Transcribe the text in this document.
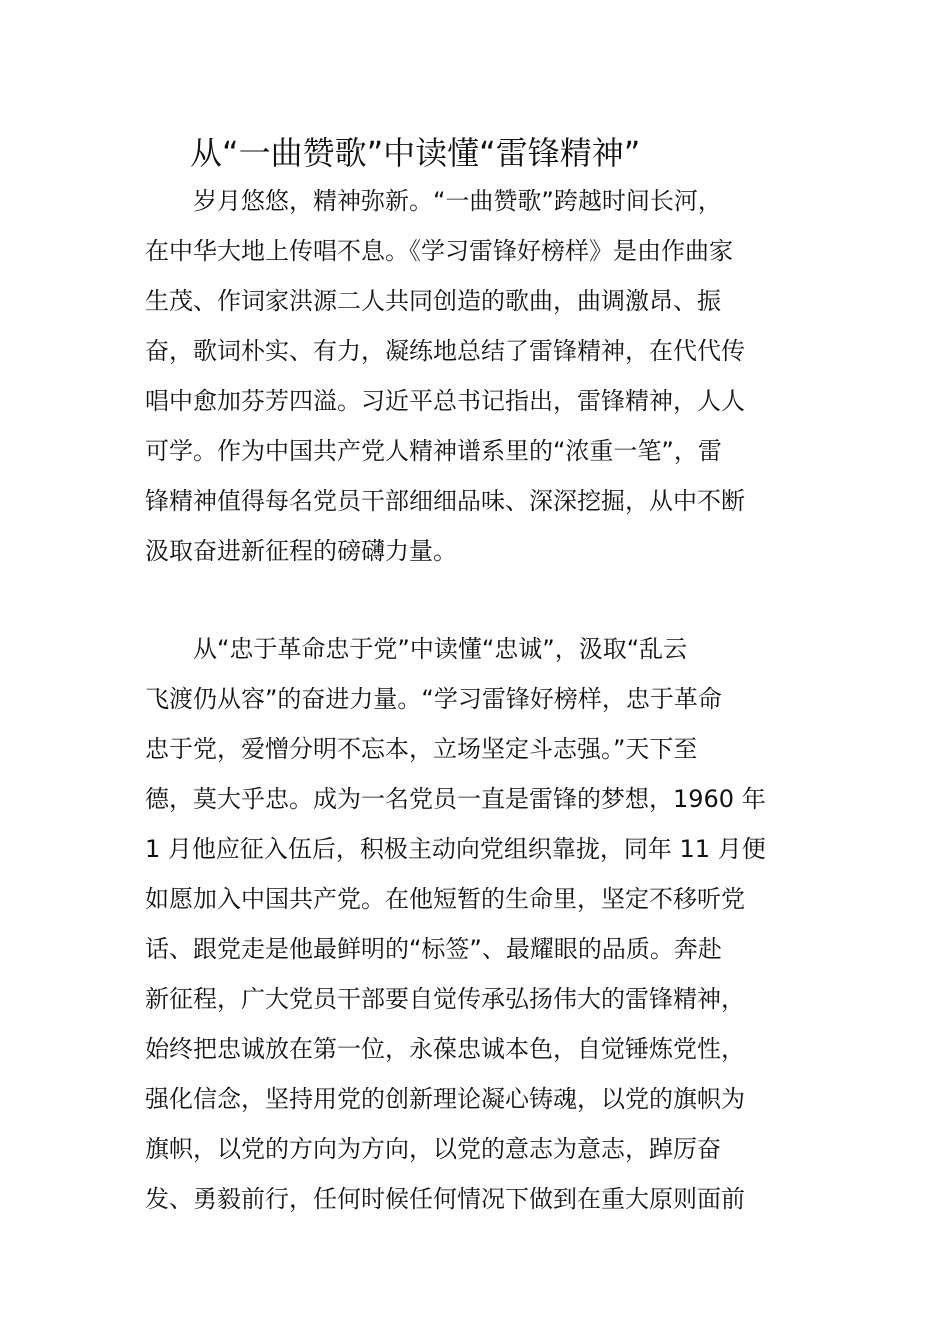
从“一曲赞歌”中读懂“雷锋精神”

岁月悠悠，精神弥新。“一曲赞歌”跨越时间长河，

在中华大地上传唱不息。《学习雷锋好榜样》是由作曲家

生茂、作词家洪源二人共同创造的歌曲，曲调激昂、振

奋，歌词朴实、有力，凝练地总结了雷锋精神，在代代传

唱中愈加芬芳四溢。习近平总书记指出，雷锋精神，人人

可学。作为中国共产党人精神谱系里的“浓重一笔”，雷

锋精神值得每名党员干部细细品味、深深挖掘，从中不断

汲取奋进新征程的磅礴力量。

从“忠于革命忠于党”中读懂“忠诚”，汲取“乱云

飞渡仍从容”的奋进力量。“学习雷锋好榜样，忠于革命

忠于党，爱憎分明不忘本，立场坚定斗志强。”天下至

德，莫大乎忠。成为一名党员一直是雷锋的梦想，1960 年

1 月他应征入伍后，积极主动向党组织靠拢，同年 11 月便

如愿加入中国共产党。在他短暂的生命里，坚定不移听党

话、跟党走是他最鲜明的“标签”、最耀眼的品质。奔赴

新征程，广大党员干部要自觉传承弘扬伟大的雷锋精神，

始终把忠诚放在第一位，永葆忠诚本色，自觉锤炼党性，

强化信念，坚持用党的创新理论凝心铸魂，以党的旗帜为

旗帜，以党的方向为方向，以党的意志为意志，踔厉奋

发、勇毅前行，任何时候任何情况下做到在重大原则面前
